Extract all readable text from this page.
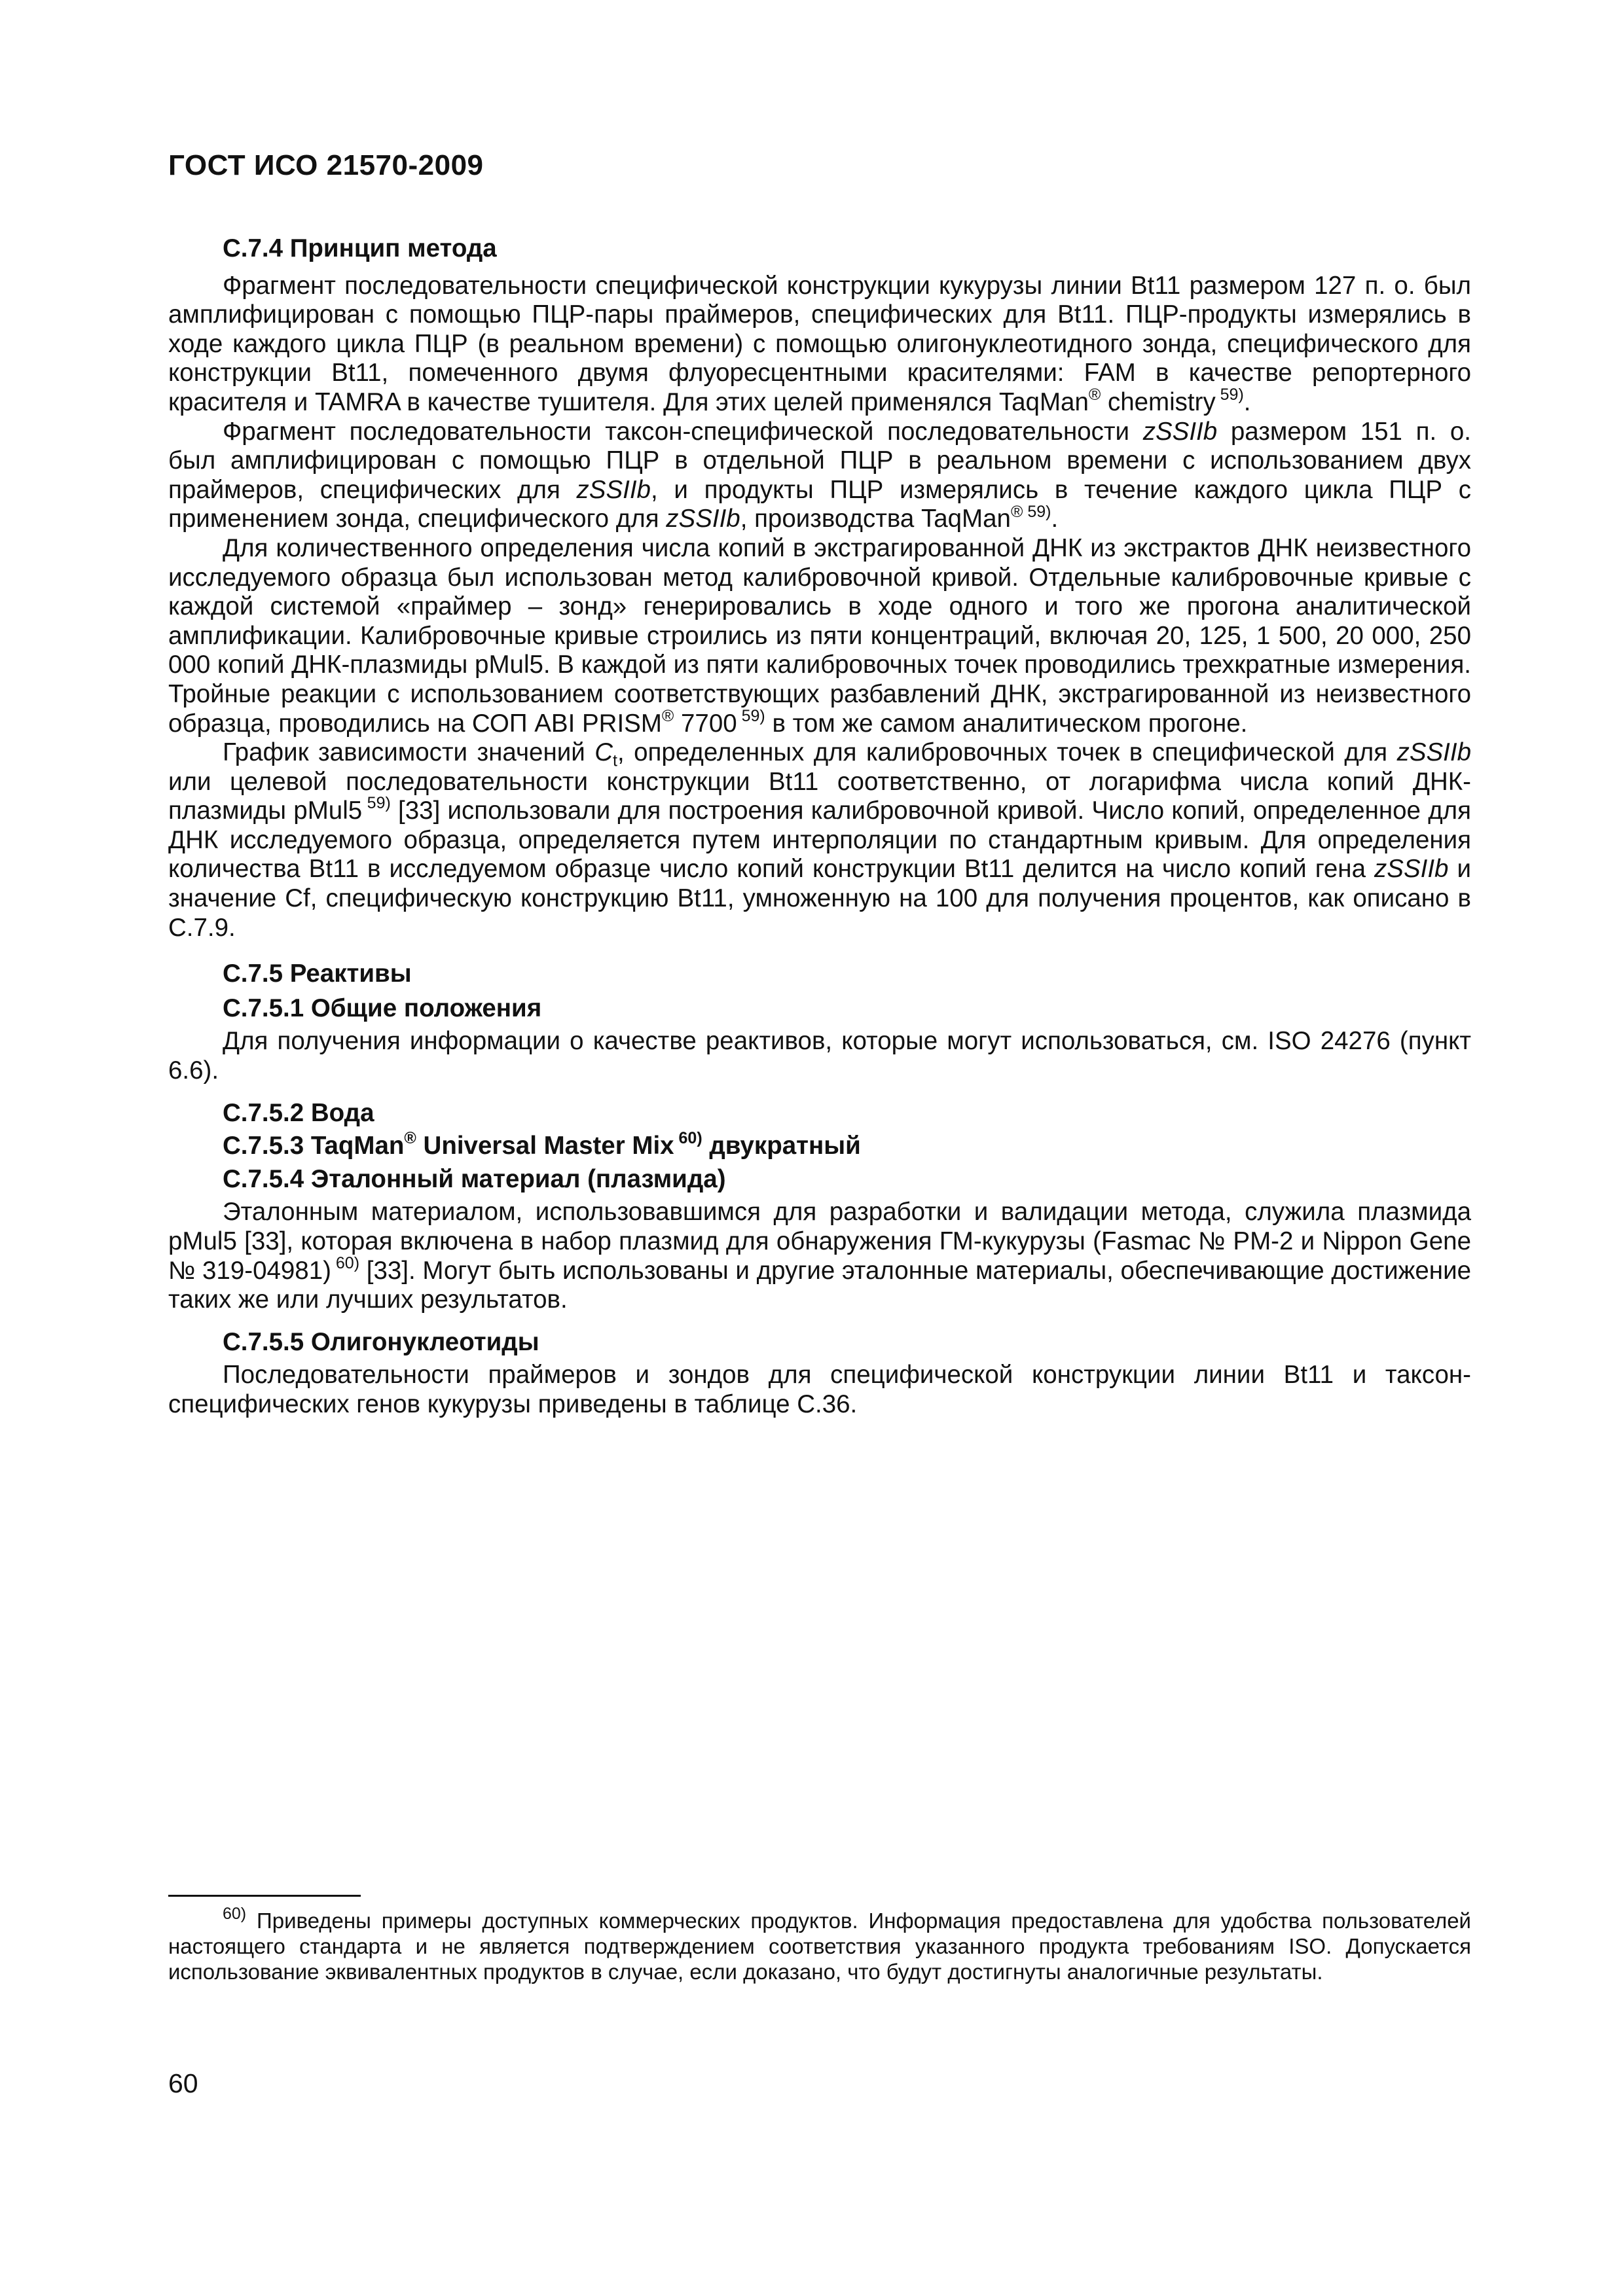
ГОСТ ИСО 21570-2009
С.7.4 Принцип метода

Фрагмент последовательности специфической конструкции кукурузы линии Bt11 размером 127 п. о. был амплифицирован с помощью ПЦР-пары праймеров, специфических для Bt11. ПЦР-продукты измерялись в ходе каждого цикла ПЦР (в реальном времени) с помощью олигонуклеотидного зонда, специфического для конструкции Bt11, помеченного двумя флуоресцентными красителями: FAM в качестве репортерного красителя и TAMRA в качестве тушителя. Для этих целей применялся TaqMan® chemistry $^{59)}$.

Фрагмент последовательности таксон-специфической последовательности zSSIIb размером 151 п. о. был амплифицирован с помощью ПЦР в отдельной ПЦР в реальном времени с использованием двух праймеров, специфических для zSSIIb, и продукты ПЦР измерялись в течение каждого цикла ПЦР с применением зонда, специфического для zSSIIb, производства TaqMan$^{® 59)}$.

Для количественного определения числа копий в экстрагированной ДНК из экстрактов ДНК неизвестного исследуемого образца был использован метод калибровочной кривой. Отдельные калибровочные кривые с каждой системой «праймер – зонд» генерировались в ходе одного и того же прогона аналитической амплификации. Калибровочные кривые строились из пяти концентраций, включая 20, 125, 1 500, 20 000, 250 000 копий ДНК-плазмиды pMul5. В каждой из пяти калибровочных точек проводились трехкратные измерения. Тройные реакции с использованием соответствующих разбавлений ДНК, экстрагированной из неизвестного образца, проводились на СОП ABI PRISM® 7700 $^{59)}$ в том же самом аналитическом прогоне.

График зависимости значений $C_t$, определенных для калибровочных точек в специфической для zSSIIb или целевой последовательности конструкции Bt11 соответственно, от логарифма числа копий ДНК-плазмиды pMul5 $^{59)}$ [33] использовали для построения калибровочной кривой. Число копий, определенное для ДНК исследуемого образца, определяется путем интерполяции по стандартным кривым. Для определения количества Bt11 в исследуемом образце число копий конструкции Bt11 делится на число копий гена zSSIIb и значение Cf, специфическую конструкцию Bt11, умноженную на 100 для получения процентов, как описано в С.7.9.

С.7.5 Реактивы
С.7.5.1 Общие положения

Для получения информации о качестве реактивов, которые могут использоваться, см. ISO 24276 (пункт 6.6).

С.7.5.2 Вода
С.7.5.3 TaqMan® Universal Master Mix $^{60)}$ двукратный
С.7.5.4 Эталонный материал (плазмида)

Эталонным материалом, использовавшимся для разработки и валидации метода, служила плазмида pMul5 [33], которая включена в набор плазмид для обнаружения ГМ-кукурузы (Fasmac № PM-2 и Nippon Gene № 319-04981) $^{60)}$ [33]. Могут быть использованы и другие эталонные материалы, обеспечивающие достижение таких же или лучших результатов.

С.7.5.5 Олигонуклеотиды

Последовательности праймеров и зондов для специфической конструкции линии Bt11 и таксон-специфических генов кукурузы приведены в таблице С.36.

$^{60)}$ Приведены примеры доступных коммерческих продуктов. Информация предоставлена для удобства пользователей настоящего стандарта и не является подтверждением соответствия указанного продукта требованиям ISO. Допускается использование эквивалентных продуктов в случае, если доказано, что будут достигнуты аналогичные результаты.
60
